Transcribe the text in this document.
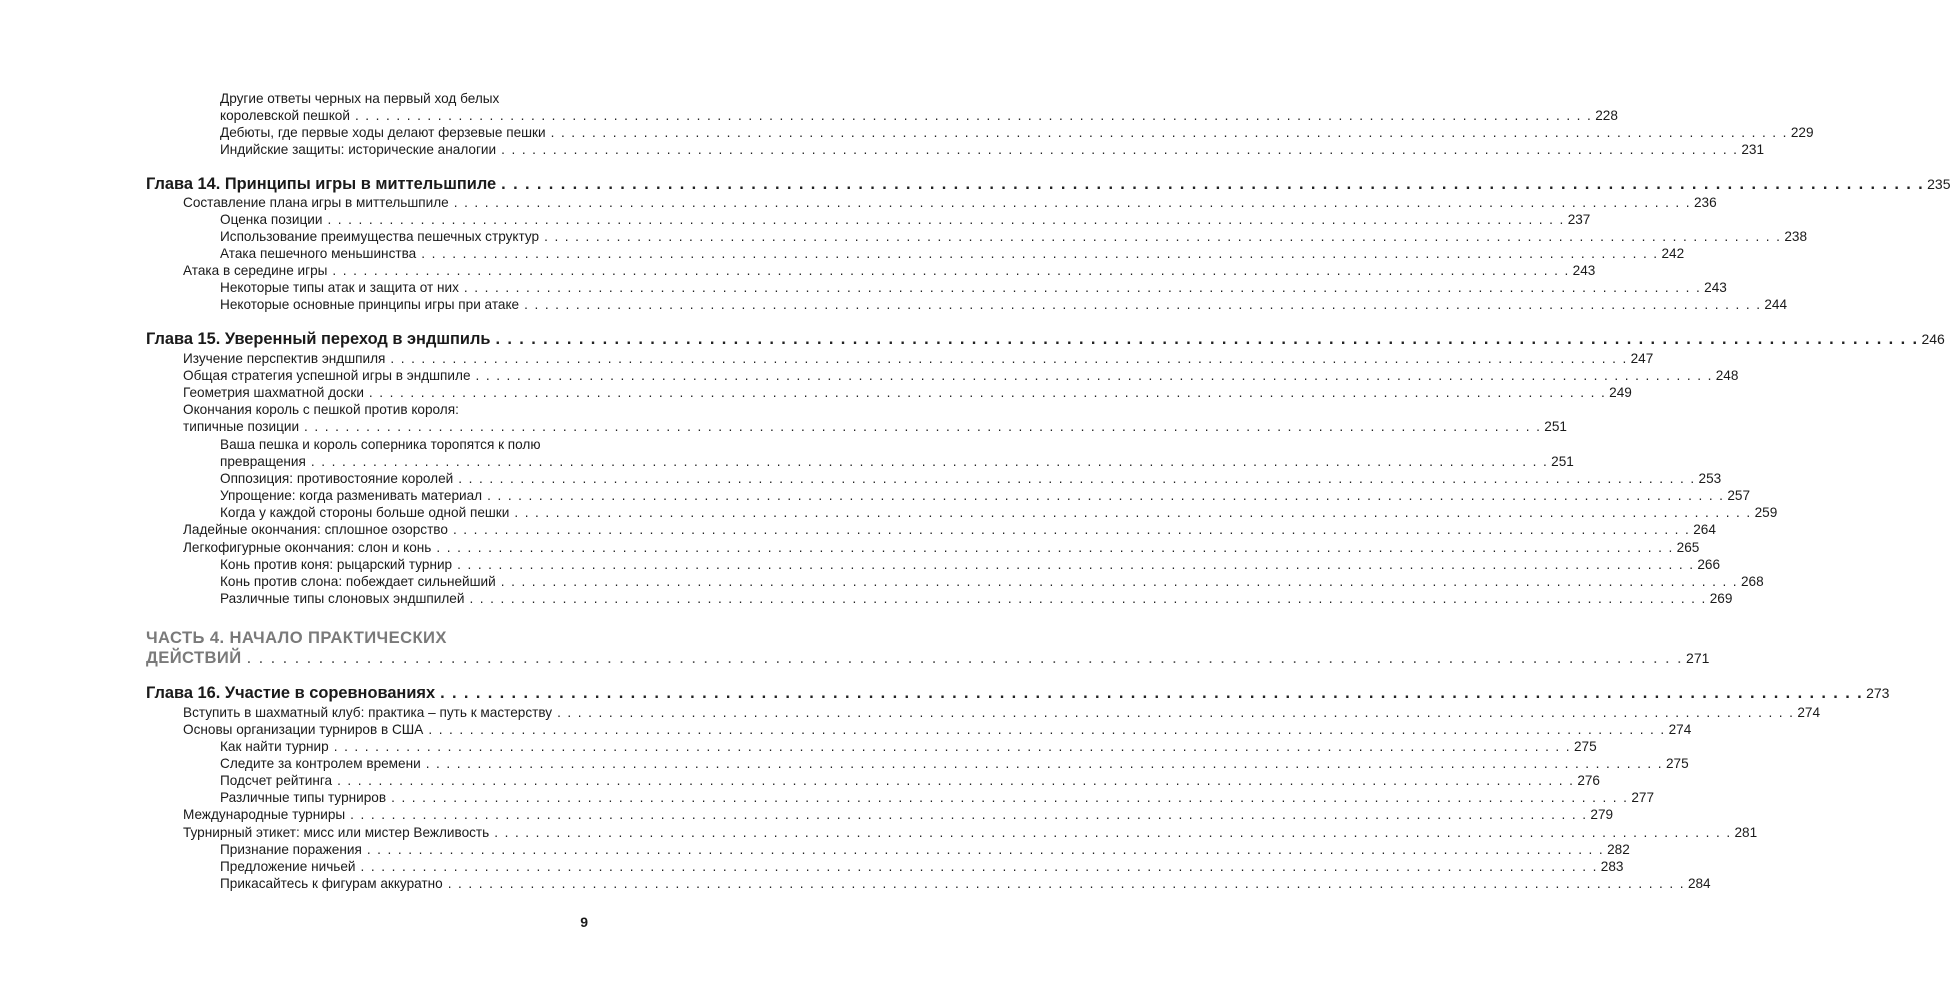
Другие ответы черных на первый ход белых
королевской пешкой . . . . . . . . . . . . . . . . . . . . . . . . . . . . . . . . . . . . . . . . . . . . . . . . . . . . . . . . . . . . . . . . . . . . . . . . . . . . . . . . . . . . . . . . . . . . . . . . . . . . . . . . . . . . . . . . . . . . . . . . 228
Дебюты, где первые ходы делают ферзевые пешки . . . . . . . . . . . . . . . . . . . . . . . . . . . . . . . . . . . . . . . . . . . . . . . . . . . . . . . . . . . . . . . . . . . . . . . . . . . . . . . . . . . . . . . . . . . . . . . . . . . . . . . . . . . . . . . . . . . . . . . . 229
Индийские защиты: исторические аналогии . . . . . . . . . . . . . . . . . . . . . . . . . . . . . . . . . . . . . . . . . . . . . . . . . . . . . . . . . . . . . . . . . . . . . . . . . . . . . . . . . . . . . . . . . . . . . . . . . . . . . . . . . . . . . . . . . . . . . . . . 231
Глава 14. Принципы игры в миттельшпиле . . . . . . . . . . . . . . . . . . . . . . . . . . . . . . . . . . . . . . . . . . . . . . . . . . . . . . . . . . . . . . . . . . . . . . . . . . . . . . . . . . . . . . . . . . . . . . . . . . . . . . . . . . . . . . . . . . . . . . . . 235
Составление плана игры в миттельшпиле . . . . . . . . . . . . . . . . . . . . . . . . . . . . . . . . . . . . . . . . . . . . . . . . . . . . . . . . . . . . . . . . . . . . . . . . . . . . . . . . . . . . . . . . . . . . . . . . . . . . . . . . . . . . . . . . . . . . . . . . 236
Оценка позиции . . . . . . . . . . . . . . . . . . . . . . . . . . . . . . . . . . . . . . . . . . . . . . . . . . . . . . . . . . . . . . . . . . . . . . . . . . . . . . . . . . . . . . . . . . . . . . . . . . . . . . . . . . . . . . . . . . . . . . . . 237
Использование преимущества пешечных структур . . . . . . . . . . . . . . . . . . . . . . . . . . . . . . . . . . . . . . . . . . . . . . . . . . . . . . . . . . . . . . . . . . . . . . . . . . . . . . . . . . . . . . . . . . . . . . . . . . . . . . . . . . . . . . . . . . . . . . . . 238
Атака пешечного меньшинства . . . . . . . . . . . . . . . . . . . . . . . . . . . . . . . . . . . . . . . . . . . . . . . . . . . . . . . . . . . . . . . . . . . . . . . . . . . . . . . . . . . . . . . . . . . . . . . . . . . . . . . . . . . . . . . . . . . . . . . . 242
Атака в середине игры . . . . . . . . . . . . . . . . . . . . . . . . . . . . . . . . . . . . . . . . . . . . . . . . . . . . . . . . . . . . . . . . . . . . . . . . . . . . . . . . . . . . . . . . . . . . . . . . . . . . . . . . . . . . . . . . . . . . . . . . 243
Некоторые типы атак и защита от них . . . . . . . . . . . . . . . . . . . . . . . . . . . . . . . . . . . . . . . . . . . . . . . . . . . . . . . . . . . . . . . . . . . . . . . . . . . . . . . . . . . . . . . . . . . . . . . . . . . . . . . . . . . . . . . . . . . . . . . . 243
Некоторые основные принципы игры при атаке . . . . . . . . . . . . . . . . . . . . . . . . . . . . . . . . . . . . . . . . . . . . . . . . . . . . . . . . . . . . . . . . . . . . . . . . . . . . . . . . . . . . . . . . . . . . . . . . . . . . . . . . . . . . . . . . . . . . . . . . 244
Глава 15. Уверенный переход в эндшпиль . . . . . . . . . . . . . . . . . . . . . . . . . . . . . . . . . . . . . . . . . . . . . . . . . . . . . . . . . . . . . . . . . . . . . . . . . . . . . . . . . . . . . . . . . . . . . . . . . . . . . . . . . . . . . . . . . . . . . . . . 246
Изучение перспектив эндшпиля . . . . . . . . . . . . . . . . . . . . . . . . . . . . . . . . . . . . . . . . . . . . . . . . . . . . . . . . . . . . . . . . . . . . . . . . . . . . . . . . . . . . . . . . . . . . . . . . . . . . . . . . . . . . . . . . . . . . . . . . 247
Общая стратегия успешной игры в эндшпиле . . . . . . . . . . . . . . . . . . . . . . . . . . . . . . . . . . . . . . . . . . . . . . . . . . . . . . . . . . . . . . . . . . . . . . . . . . . . . . . . . . . . . . . . . . . . . . . . . . . . . . . . . . . . . . . . . . . . . . . . 248
Геометрия шахматной доски . . . . . . . . . . . . . . . . . . . . . . . . . . . . . . . . . . . . . . . . . . . . . . . . . . . . . . . . . . . . . . . . . . . . . . . . . . . . . . . . . . . . . . . . . . . . . . . . . . . . . . . . . . . . . . . . . . . . . . . . 249
Окончания король с пешкой против короля:
типичные позиции . . . . . . . . . . . . . . . . . . . . . . . . . . . . . . . . . . . . . . . . . . . . . . . . . . . . . . . . . . . . . . . . . . . . . . . . . . . . . . . . . . . . . . . . . . . . . . . . . . . . . . . . . . . . . . . . . . . . . . . . 251
Ваша пешка и король соперника торопятся к полю
превращения . . . . . . . . . . . . . . . . . . . . . . . . . . . . . . . . . . . . . . . . . . . . . . . . . . . . . . . . . . . . . . . . . . . . . . . . . . . . . . . . . . . . . . . . . . . . . . . . . . . . . . . . . . . . . . . . . . . . . . . . 251
Оппозиция: противостояние королей . . . . . . . . . . . . . . . . . . . . . . . . . . . . . . . . . . . . . . . . . . . . . . . . . . . . . . . . . . . . . . . . . . . . . . . . . . . . . . . . . . . . . . . . . . . . . . . . . . . . . . . . . . . . . . . . . . . . . . . . 253
Упрощение: когда разменивать материал . . . . . . . . . . . . . . . . . . . . . . . . . . . . . . . . . . . . . . . . . . . . . . . . . . . . . . . . . . . . . . . . . . . . . . . . . . . . . . . . . . . . . . . . . . . . . . . . . . . . . . . . . . . . . . . . . . . . . . . . 257
Когда у каждой стороны больше одной пешки . . . . . . . . . . . . . . . . . . . . . . . . . . . . . . . . . . . . . . . . . . . . . . . . . . . . . . . . . . . . . . . . . . . . . . . . . . . . . . . . . . . . . . . . . . . . . . . . . . . . . . . . . . . . . . . . . . . . . . . . 259
Ладейные окончания: сплошное озорство . . . . . . . . . . . . . . . . . . . . . . . . . . . . . . . . . . . . . . . . . . . . . . . . . . . . . . . . . . . . . . . . . . . . . . . . . . . . . . . . . . . . . . . . . . . . . . . . . . . . . . . . . . . . . . . . . . . . . . . . 264
Легкофигурные окончания: слон и конь . . . . . . . . . . . . . . . . . . . . . . . . . . . . . . . . . . . . . . . . . . . . . . . . . . . . . . . . . . . . . . . . . . . . . . . . . . . . . . . . . . . . . . . . . . . . . . . . . . . . . . . . . . . . . . . . . . . . . . . . 265
Конь против коня: рыцарский турнир . . . . . . . . . . . . . . . . . . . . . . . . . . . . . . . . . . . . . . . . . . . . . . . . . . . . . . . . . . . . . . . . . . . . . . . . . . . . . . . . . . . . . . . . . . . . . . . . . . . . . . . . . . . . . . . . . . . . . . . . 266
Конь против слона: побеждает сильнейший . . . . . . . . . . . . . . . . . . . . . . . . . . . . . . . . . . . . . . . . . . . . . . . . . . . . . . . . . . . . . . . . . . . . . . . . . . . . . . . . . . . . . . . . . . . . . . . . . . . . . . . . . . . . . . . . . . . . . . . . 268
Различные типы слоновых эндшпилей . . . . . . . . . . . . . . . . . . . . . . . . . . . . . . . . . . . . . . . . . . . . . . . . . . . . . . . . . . . . . . . . . . . . . . . . . . . . . . . . . . . . . . . . . . . . . . . . . . . . . . . . . . . . . . . . . . . . . . . . 269
ЧАСТЬ 4. НАЧАЛО ПРАКТИЧЕСКИХ
ДЕЙСТВИЙ . . . . . . . . . . . . . . . . . . . . . . . . . . . . . . . . . . . . . . . . . . . . . . . . . . . . . . . . . . . . . . . . . . . . . . . . . . . . . . . . . . . . . . . . . . . . . . . . . . . . . . . . . . . . . . . . . . . . . . . . 271
Глава 16. Участие в соревнованиях . . . . . . . . . . . . . . . . . . . . . . . . . . . . . . . . . . . . . . . . . . . . . . . . . . . . . . . . . . . . . . . . . . . . . . . . . . . . . . . . . . . . . . . . . . . . . . . . . . . . . . . . . . . . . . . . . . . . . . . . 273
Вступить в шахматный клуб: практика – путь к мастерству . . . . . . . . . . . . . . . . . . . . . . . . . . . . . . . . . . . . . . . . . . . . . . . . . . . . . . . . . . . . . . . . . . . . . . . . . . . . . . . . . . . . . . . . . . . . . . . . . . . . . . . . . . . . . . . . . . . . . . . . 274
Основы организации турниров в США . . . . . . . . . . . . . . . . . . . . . . . . . . . . . . . . . . . . . . . . . . . . . . . . . . . . . . . . . . . . . . . . . . . . . . . . . . . . . . . . . . . . . . . . . . . . . . . . . . . . . . . . . . . . . . . . . . . . . . . . 274
Как найти турнир . . . . . . . . . . . . . . . . . . . . . . . . . . . . . . . . . . . . . . . . . . . . . . . . . . . . . . . . . . . . . . . . . . . . . . . . . . . . . . . . . . . . . . . . . . . . . . . . . . . . . . . . . . . . . . . . . . . . . . . . 275
Следите за контролем времени . . . . . . . . . . . . . . . . . . . . . . . . . . . . . . . . . . . . . . . . . . . . . . . . . . . . . . . . . . . . . . . . . . . . . . . . . . . . . . . . . . . . . . . . . . . . . . . . . . . . . . . . . . . . . . . . . . . . . . . . 275
Подсчет рейтинга . . . . . . . . . . . . . . . . . . . . . . . . . . . . . . . . . . . . . . . . . . . . . . . . . . . . . . . . . . . . . . . . . . . . . . . . . . . . . . . . . . . . . . . . . . . . . . . . . . . . . . . . . . . . . . . . . . . . . . . . 276
Различные типы турниров . . . . . . . . . . . . . . . . . . . . . . . . . . . . . . . . . . . . . . . . . . . . . . . . . . . . . . . . . . . . . . . . . . . . . . . . . . . . . . . . . . . . . . . . . . . . . . . . . . . . . . . . . . . . . . . . . . . . . . . . 277
Международные турниры . . . . . . . . . . . . . . . . . . . . . . . . . . . . . . . . . . . . . . . . . . . . . . . . . . . . . . . . . . . . . . . . . . . . . . . . . . . . . . . . . . . . . . . . . . . . . . . . . . . . . . . . . . . . . . . . . . . . . . . . 279
Турнирный этикет: мисс или мистер Вежливость . . . . . . . . . . . . . . . . . . . . . . . . . . . . . . . . . . . . . . . . . . . . . . . . . . . . . . . . . . . . . . . . . . . . . . . . . . . . . . . . . . . . . . . . . . . . . . . . . . . . . . . . . . . . . . . . . . . . . . . . 281
Признание поражения . . . . . . . . . . . . . . . . . . . . . . . . . . . . . . . . . . . . . . . . . . . . . . . . . . . . . . . . . . . . . . . . . . . . . . . . . . . . . . . . . . . . . . . . . . . . . . . . . . . . . . . . . . . . . . . . . . . . . . . . 282
Предложение ничьей . . . . . . . . . . . . . . . . . . . . . . . . . . . . . . . . . . . . . . . . . . . . . . . . . . . . . . . . . . . . . . . . . . . . . . . . . . . . . . . . . . . . . . . . . . . . . . . . . . . . . . . . . . . . . . . . . . . . . . . . 283
Прикасайтесь к фигурам аккуратно . . . . . . . . . . . . . . . . . . . . . . . . . . . . . . . . . . . . . . . . . . . . . . . . . . . . . . . . . . . . . . . . . . . . . . . . . . . . . . . . . . . . . . . . . . . . . . . . . . . . . . . . . . . . . . . . . . . . . . . . 284
9
